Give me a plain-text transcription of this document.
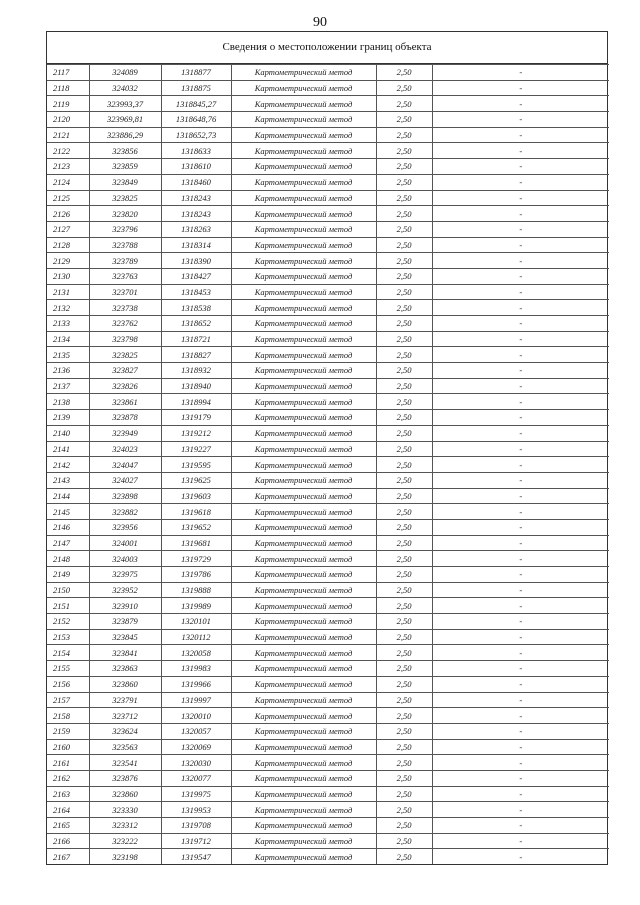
90
Сведения о местоположении границ объекта
2117	324089	1318877	Картометрический метод	2,50	-
2118	324032	1318875	Картометрический метод	2,50	-
2119	323993,37	1318845,27	Картометрический метод	2,50	-
2120	323969,81	1318648,76	Картометрический метод	2,50	-
2121	323886,29	1318652,73	Картометрический метод	2,50	-
2122	323856	1318633	Картометрический метод	2,50	-
2123	323859	1318610	Картометрический метод	2,50	-
2124	323849	1318460	Картометрический метод	2,50	-
2125	323825	1318243	Картометрический метод	2,50	-
2126	323820	1318243	Картометрический метод	2,50	-
2127	323796	1318263	Картометрический метод	2,50	-
2128	323788	1318314	Картометрический метод	2,50	-
2129	323789	1318390	Картометрический метод	2,50	-
2130	323763	1318427	Картометрический метод	2,50	-
2131	323701	1318453	Картометрический метод	2,50	-
2132	323738	1318538	Картометрический метод	2,50	-
2133	323762	1318652	Картометрический метод	2,50	-
2134	323798	1318721	Картометрический метод	2,50	-
2135	323825	1318827	Картометрический метод	2,50	-
2136	323827	1318932	Картометрический метод	2,50	-
2137	323826	1318940	Картометрический метод	2,50	-
2138	323861	1318994	Картометрический метод	2,50	-
2139	323878	1319179	Картометрический метод	2,50	-
2140	323949	1319212	Картометрический метод	2,50	-
2141	324023	1319227	Картометрический метод	2,50	-
2142	324047	1319595	Картометрический метод	2,50	-
2143	324027	1319625	Картометрический метод	2,50	-
2144	323898	1319603	Картометрический метод	2,50	-
2145	323882	1319618	Картометрический метод	2,50	-
2146	323956	1319652	Картометрический метод	2,50	-
2147	324001	1319681	Картометрический метод	2,50	-
2148	324003	1319729	Картометрический метод	2,50	-
2149	323975	1319786	Картометрический метод	2,50	-
2150	323952	1319888	Картометрический метод	2,50	-
2151	323910	1319989	Картометрический метод	2,50	-
2152	323879	1320101	Картометрический метод	2,50	-
2153	323845	1320112	Картометрический метод	2,50	-
2154	323841	1320058	Картометрический метод	2,50	-
2155	323863	1319983	Картометрический метод	2,50	-
2156	323860	1319966	Картометрический метод	2,50	-
2157	323791	1319997	Картометрический метод	2,50	-
2158	323712	1320010	Картометрический метод	2,50	-
2159	323624	1320057	Картометрический метод	2,50	-
2160	323563	1320069	Картометрический метод	2,50	-
2161	323541	1320030	Картометрический метод	2,50	-
2162	323876	1320077	Картометрический метод	2,50	-
2163	323860	1319975	Картометрический метод	2,50	-
2164	323330	1319953	Картометрический метод	2,50	-
2165	323312	1319708	Картометрический метод	2,50	-
2166	323222	1319712	Картометрический метод	2,50	-
2167	323198	1319547	Картометрический метод	2,50	-
